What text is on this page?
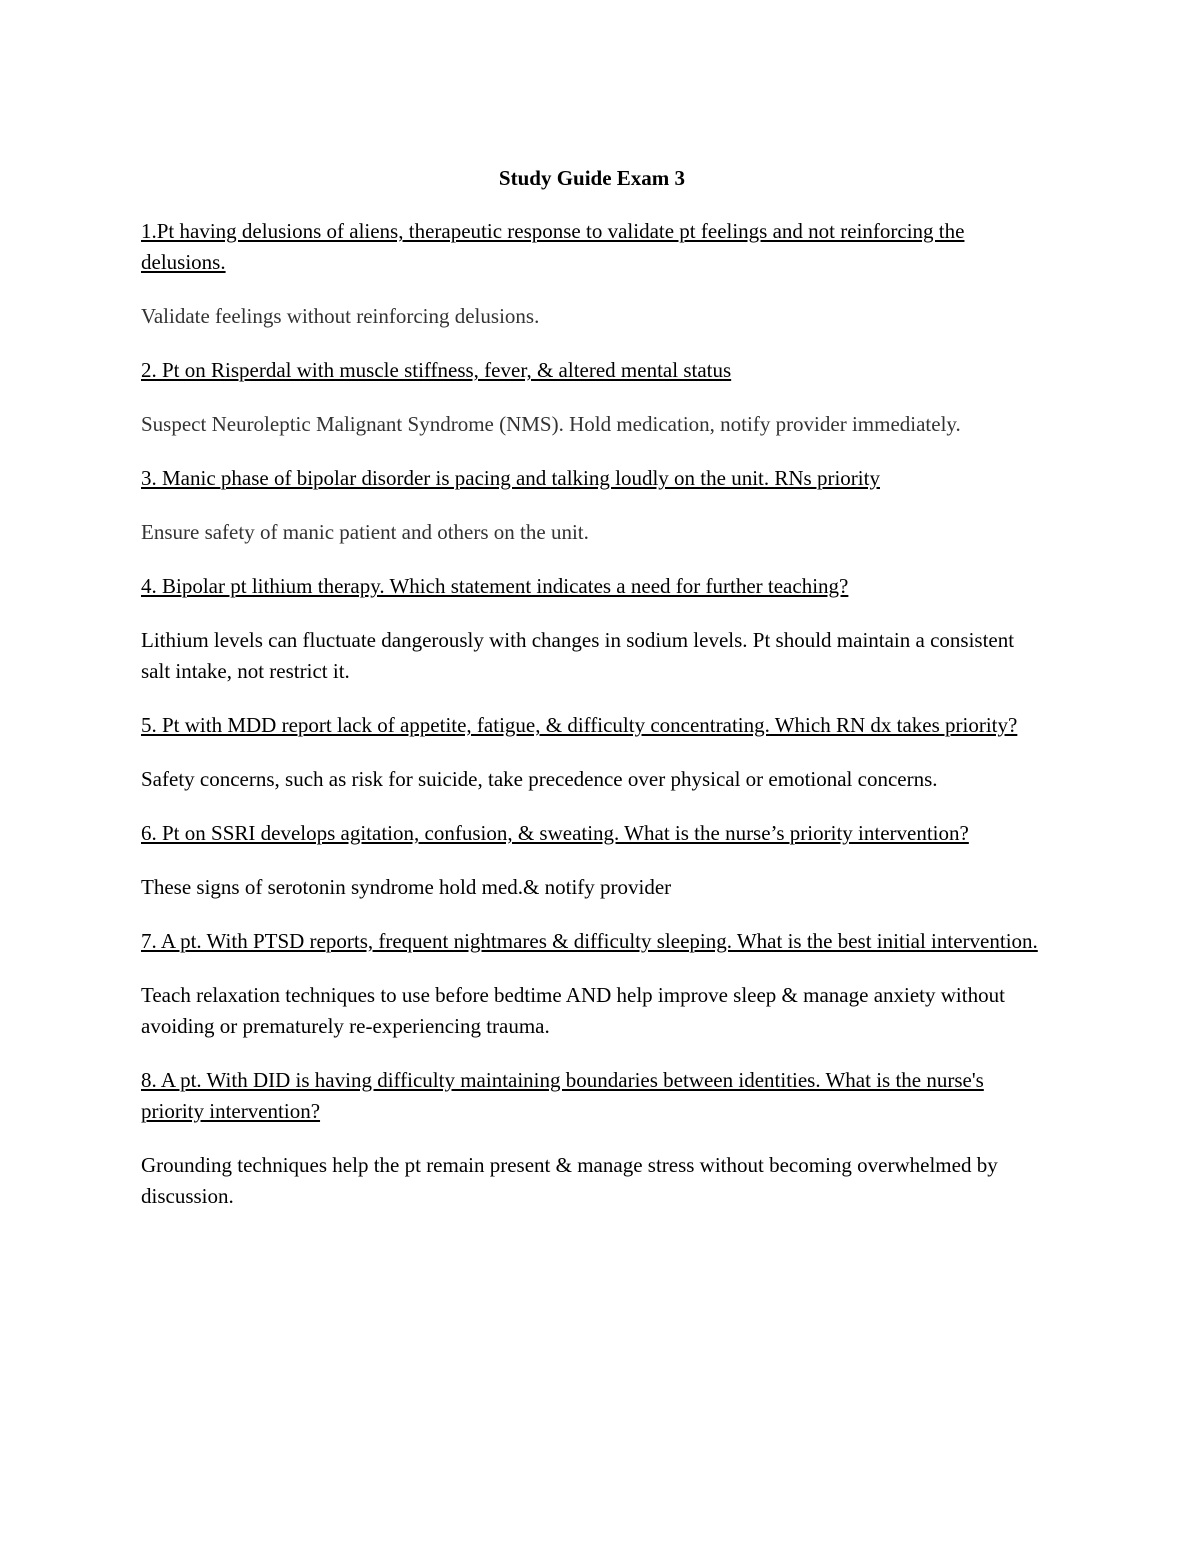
Study Guide Exam 3

1.Pt having delusions of aliens, therapeutic response to validate pt feelings and not reinforcing the delusions.

Validate feelings without reinforcing delusions.

2. Pt on Risperdal with muscle stiffness, fever, & altered mental status

Suspect Neuroleptic Malignant Syndrome (NMS). Hold medication, notify provider immediately.

3. Manic phase of bipolar disorder is pacing and talking loudly on the unit. RNs priority

Ensure safety of manic patient and others on the unit.

4. Bipolar pt lithium therapy. Which statement indicates a need for further teaching?

Lithium levels can fluctuate dangerously with changes in sodium levels. Pt should maintain a consistent salt intake, not restrict it.

5. Pt with MDD report lack of appetite, fatigue, & difficulty concentrating. Which RN dx takes priority?

Safety concerns, such as risk for suicide, take precedence over physical or emotional concerns.

6. Pt on SSRI develops agitation, confusion, & sweating. What is the nurse’s priority intervention?

These signs of serotonin syndrome hold med.& notify provider

7. A pt. With PTSD reports, frequent nightmares & difficulty sleeping. What is the best initial intervention.

Teach relaxation techniques to use before bedtime AND help improve sleep & manage anxiety without avoiding or prematurely re-experiencing trauma.

8. A pt. With DID is having difficulty maintaining boundaries between identities. What is the nurse's priority intervention?

Grounding techniques help the pt remain present & manage stress without becoming overwhelmed by discussion.
